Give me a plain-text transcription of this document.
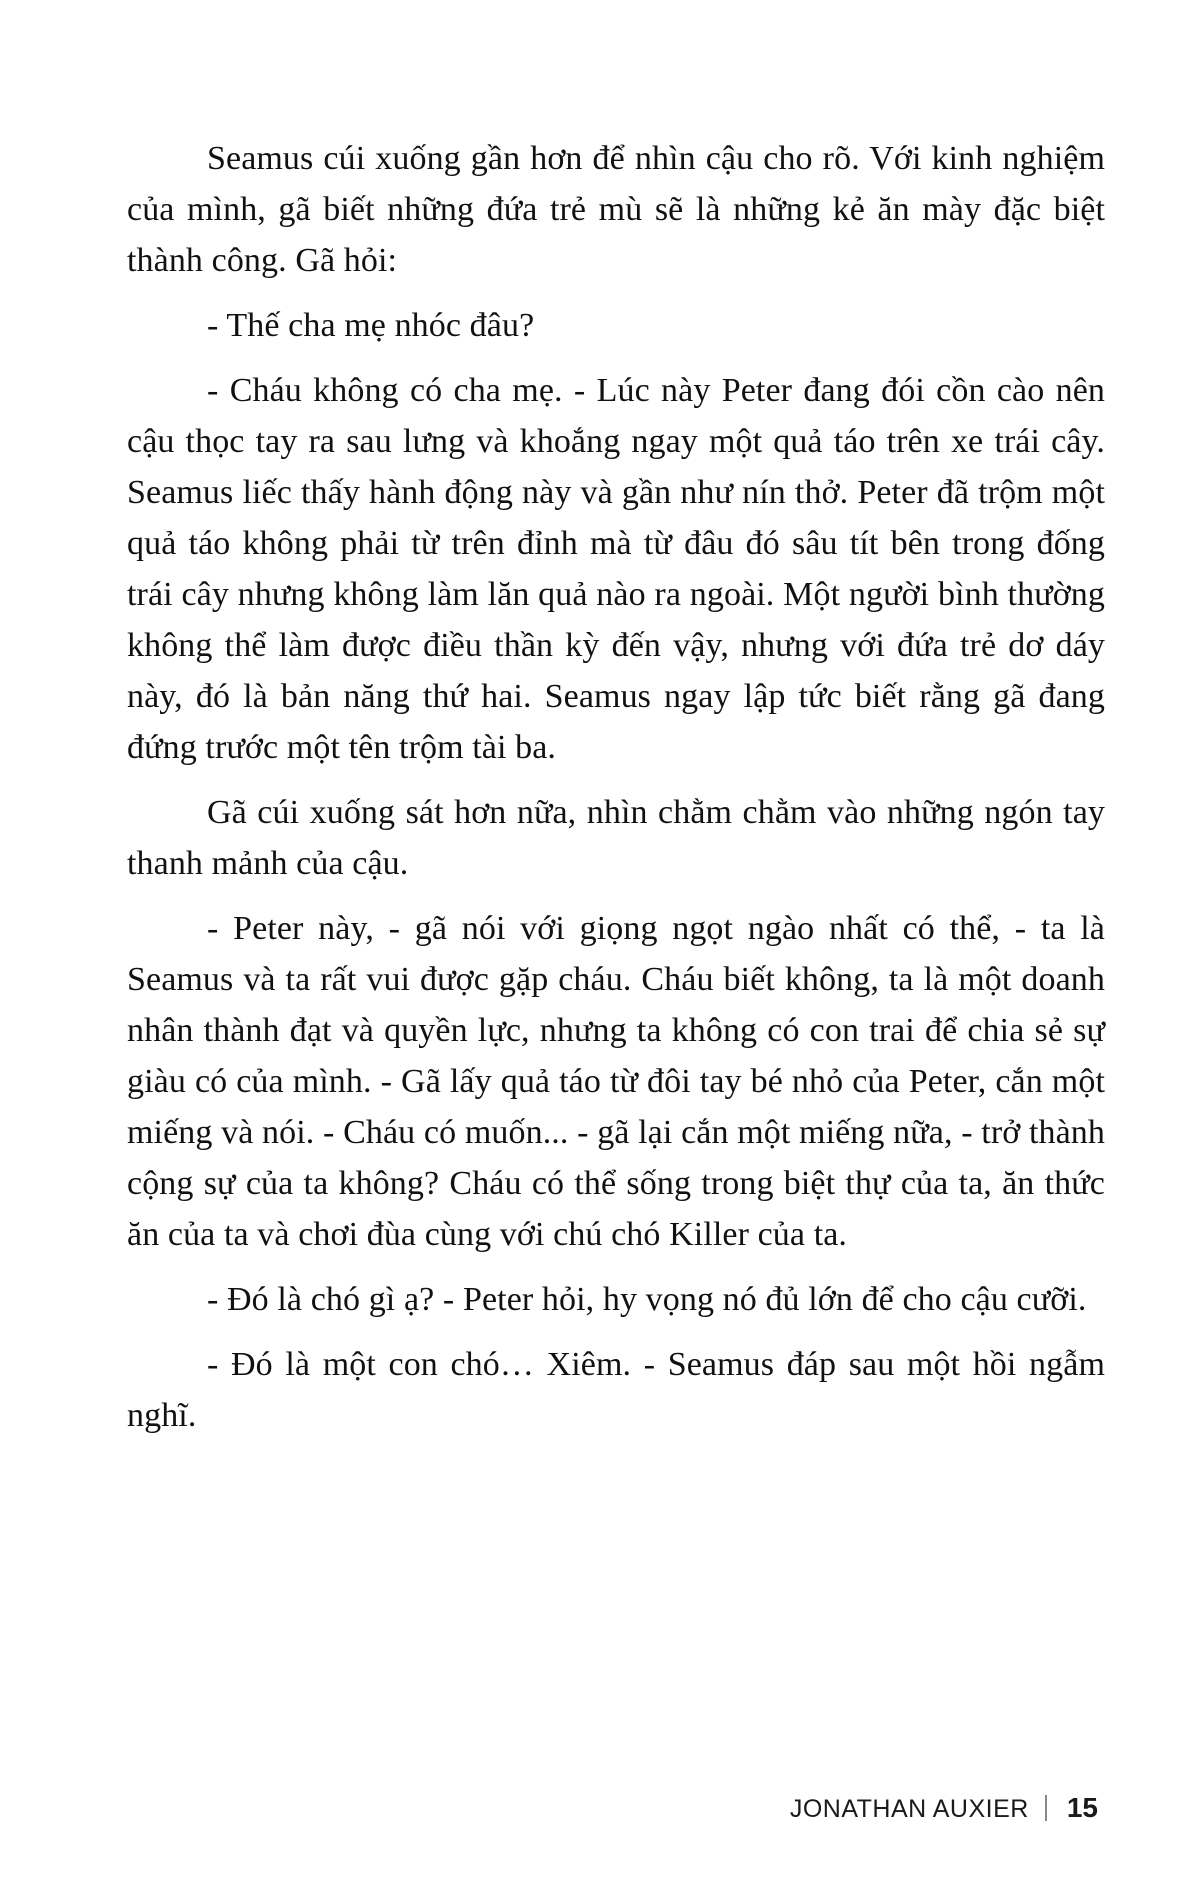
Seamus cúi xuống gần hơn để nhìn cậu cho rõ. Với kinh nghiệm của mình, gã biết những đứa trẻ mù sẽ là những kẻ ăn mày đặc biệt thành công. Gã hỏi:

- Thế cha mẹ nhóc đâu?

- Cháu không có cha mẹ. - Lúc này Peter đang đói cồn cào nên cậu thọc tay ra sau lưng và khoắng ngay một quả táo trên xe trái cây. Seamus liếc thấy hành động này và gần như nín thở. Peter đã trộm một quả táo không phải từ trên đỉnh mà từ đâu đó sâu tít bên trong đống trái cây nhưng không làm lăn quả nào ra ngoài. Một người bình thường không thể làm được điều thần kỳ đến vậy, nhưng với đứa trẻ dơ dáy này, đó là bản năng thứ hai. Seamus ngay lập tức biết rằng gã đang đứng trước một tên trộm tài ba.

Gã cúi xuống sát hơn nữa, nhìn chằm chằm vào những ngón tay thanh mảnh của cậu.

- Peter này, - gã nói với giọng ngọt ngào nhất có thể, - ta là Seamus và ta rất vui được gặp cháu. Cháu biết không, ta là một doanh nhân thành đạt và quyền lực, nhưng ta không có con trai để chia sẻ sự giàu có của mình. - Gã lấy quả táo từ đôi tay bé nhỏ của Peter, cắn một miếng và nói. - Cháu có muốn... - gã lại cắn một miếng nữa, - trở thành cộng sự của ta không? Cháu có thể sống trong biệt thự của ta, ăn thức ăn của ta và chơi đùa cùng với chú chó Killer của ta.

- Đó là chó gì ạ? - Peter hỏi, hy vọng nó đủ lớn để cho cậu cưỡi.

- Đó là một con chó… Xiêm. - Seamus đáp sau một hồi ngẫm nghĩ.

JONATHAN AUXIER 15
